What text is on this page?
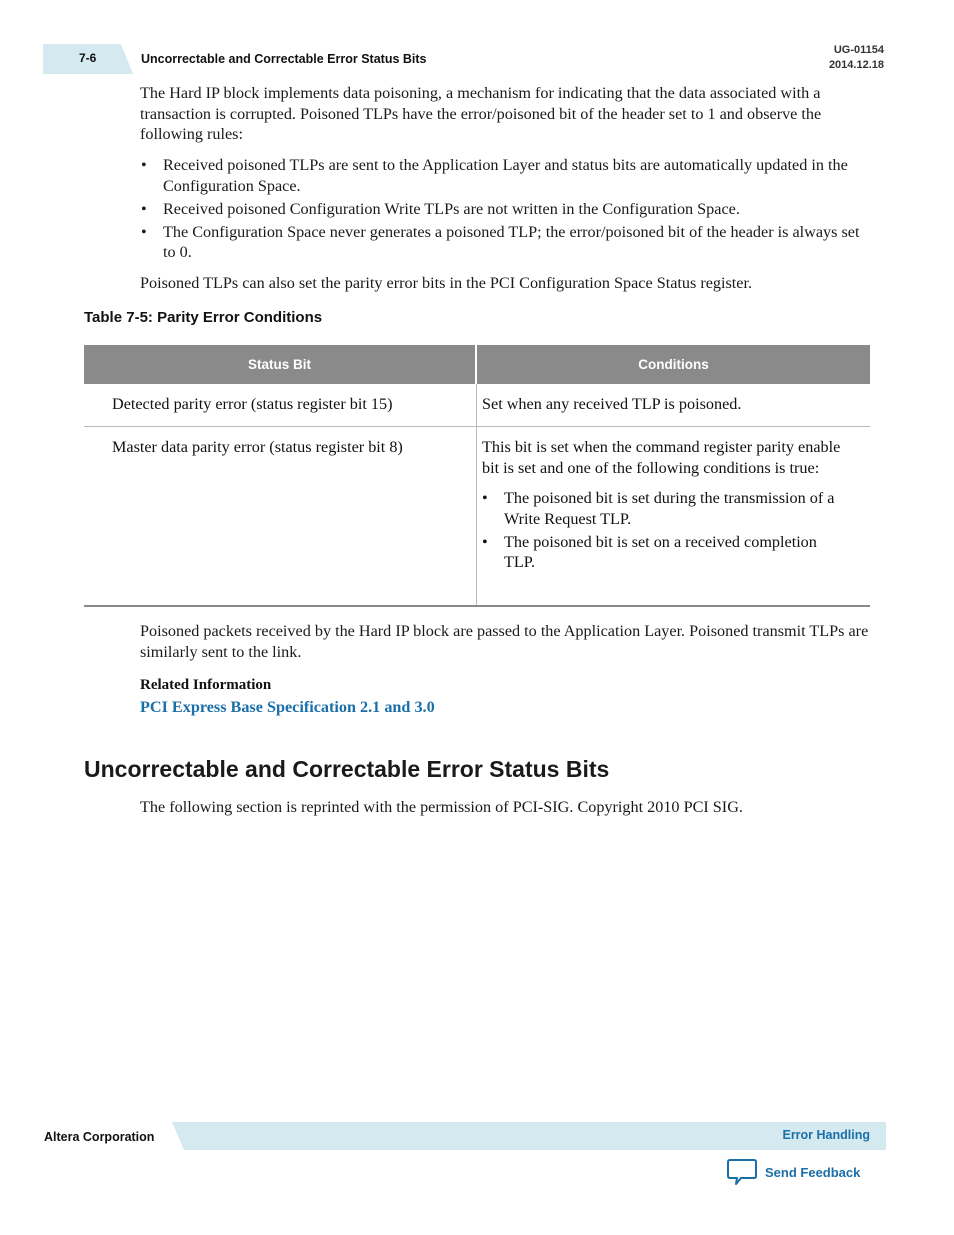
7-6	Uncorrectable and Correctable Error Status Bits
UG-01154
2014.12.18

The Hard IP block implements data poisoning, a mechanism for indicating that the data associated with a transaction is corrupted. Poisoned TLPs have the error/poisoned bit of the header set to 1 and observe the following rules:

• Received poisoned TLPs are sent to the Application Layer and status bits are automatically updated in the Configuration Space.
• Received poisoned Configuration Write TLPs are not written in the Configuration Space.
• The Configuration Space never generates a poisoned TLP; the error/poisoned bit of the header is always set to 0.

Poisoned TLPs can also set the parity error bits in the PCI Configuration Space Status register.

Table 7-5: Parity Error Conditions
Status Bit	Conditions
Detected parity error (status register bit 15)	Set when any received TLP is poisoned.
Master data parity error (status register bit 8)	This bit is set when the command register parity enable bit is set and one of the following conditions is true:
• The poisoned bit is set during the transmission of a Write Request TLP.
• The poisoned bit is set on a received completion TLP.

Poisoned packets received by the Hard IP block are passed to the Application Layer. Poisoned transmit TLPs are similarly sent to the link.

Related Information
PCI Express Base Specification 2.1 and 3.0
Uncorrectable and Correctable Error Status Bits

The following section is reprinted with the permission of PCI-SIG. Copyright 2010 PCI SIG.

Altera Corporation	Error Handling
Send Feedback
